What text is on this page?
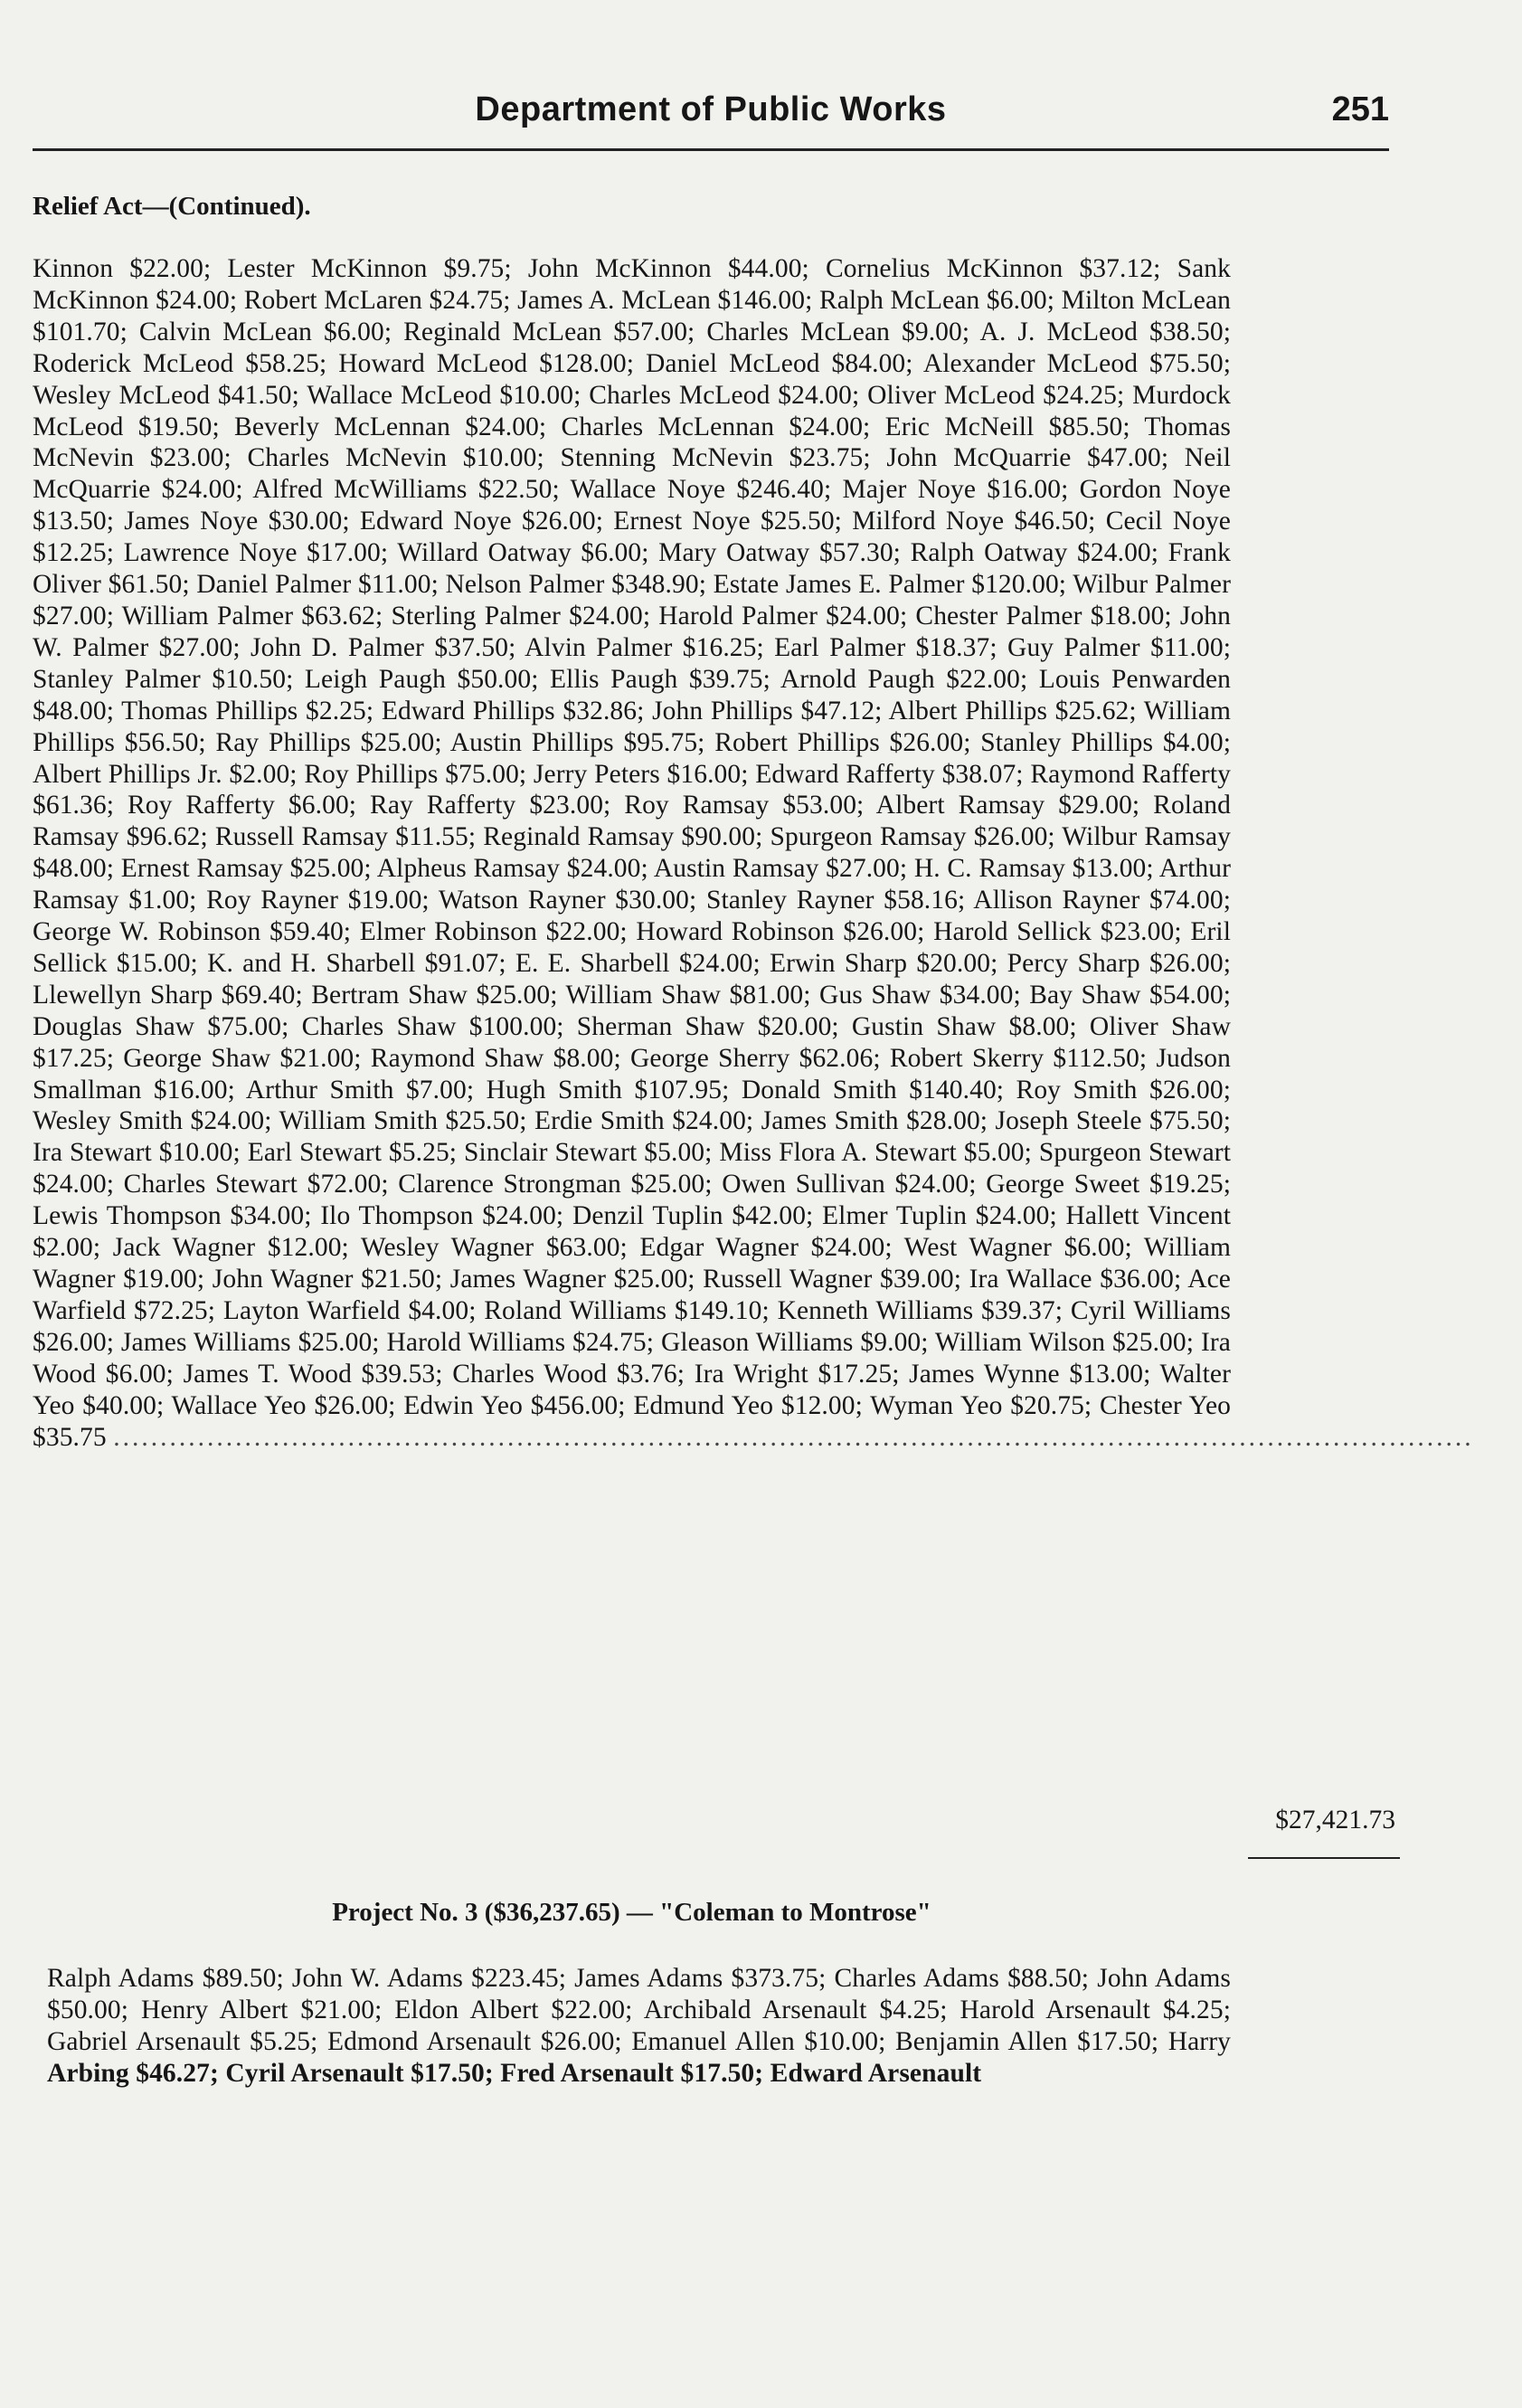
Department of Public Works	251
Relief Act—(Continued).
Kinnon $22.00; Lester McKinnon $9.75; John McKinnon $44.00; Cornelius McKinnon $37.12; Sank McKinnon $24.00; Robert McLaren $24.75; James A. McLean $146.00; Ralph McLean $6.00; Milton McLean $101.70; Calvin McLean $6.00; Reginald McLean $57.00; Charles McLean $9.00; A. J. McLeod $38.50; Roderick McLeod $58.25; Howard McLeod $128.00; Daniel McLeod $84.00; Alexander McLeod $75.50; Wesley McLeod $41.50; Wallace McLeod $10.00; Charles McLeod $24.00; Oliver McLeod $24.25; Murdock McLeod $19.50; Beverly McLennan $24.00; Charles McLennan $24.00; Eric McNeill $85.50; Thomas McNevin $23.00; Charles McNevin $10.00; Stenning McNevin $23.75; John McQuarrie $47.00; Neil McQuarrie $24.00; Alfred McWilliams $22.50; Wallace Noye $246.40; Majer Noye $16.00; Gordon Noye $13.50; James Noye $30.00; Edward Noye $26.00; Ernest Noye $25.50; Milford Noye $46.50; Cecil Noye $12.25; Lawrence Noye $17.00; Willard Oatway $6.00; Mary Oatway $57.30; Ralph Oatway $24.00; Frank Oliver $61.50; Daniel Palmer $11.00; Nelson Palmer $348.90; Estate James E. Palmer $120.00; Wilbur Palmer $27.00; William Palmer $63.62; Sterling Palmer $24.00; Harold Palmer $24.00; Chester Palmer $18.00; John W. Palmer $27.00; John D. Palmer $37.50; Alvin Palmer $16.25; Earl Palmer $18.37; Guy Palmer $11.00; Stanley Palmer $10.50; Leigh Paugh $50.00; Ellis Paugh $39.75; Arnold Paugh $22.00; Louis Penwarden $48.00; Thomas Phillips $2.25; Edward Phillips $32.86; John Phillips $47.12; Albert Phillips $25.62; William Phillips $56.50; Ray Phillips $25.00; Austin Phillips $95.75; Robert Phillips $26.00; Stanley Phillips $4.00; Albert Phillips Jr. $2.00; Roy Phillips $75.00; Jerry Peters $16.00; Edward Rafferty $38.07; Raymond Rafferty $61.36; Roy Rafferty $6.00; Ray Rafferty $23.00; Roy Ramsay $53.00; Albert Ramsay $29.00; Roland Ramsay $96.62; Russell Ramsay $11.55; Reginald Ramsay $90.00; Spurgeon Ramsay $26.00; Wilbur Ramsay $48.00; Ernest Ramsay $25.00; Alpheus Ramsay $24.00; Austin Ramsay $27.00; H. C. Ramsay $13.00; Arthur Ramsay $1.00; Roy Rayner $19.00; Watson Rayner $30.00; Stanley Rayner $58.16; Allison Rayner $74.00; George W. Robinson $59.40; Elmer Robinson $22.00; Howard Robinson $26.00; Harold Sellick $23.00; Eril Sellick $15.00; K. and H. Sharbell $91.07; E. E. Sharbell $24.00; Erwin Sharp $20.00; Percy Sharp $26.00; Llewellyn Sharp $69.40; Bertram Shaw $25.00; William Shaw $81.00; Gus Shaw $34.00; Bay Shaw $54.00; Douglas Shaw $75.00; Charles Shaw $100.00; Sherman Shaw $20.00; Gustin Shaw $8.00; Oliver Shaw $17.25; George Shaw $21.00; Raymond Shaw $8.00; George Sherry $62.06; Robert Skerry $112.50; Judson Smallman $16.00; Arthur Smith $7.00; Hugh Smith $107.95; Donald Smith $140.40; Roy Smith $26.00; Wesley Smith $24.00; William Smith $25.50; Erdie Smith $24.00; James Smith $28.00; Joseph Steele $75.50; Ira Stewart $10.00; Earl Stewart $5.25; Sinclair Stewart $5.00; Miss Flora A. Stewart $5.00; Spurgeon Stewart $24.00; Charles Stewart $72.00; Clarence Strongman $25.00; Owen Sullivan $24.00; George Sweet $19.25; Lewis Thompson $34.00; Ilo Thompson $24.00; Denzil Tuplin $42.00; Elmer Tuplin $24.00; Hallett Vincent $2.00; Jack Wagner $12.00; Wesley Wagner $63.00; Edgar Wagner $24.00; West Wagner $6.00; William Wagner $19.00; John Wagner $21.50; James Wagner $25.00; Russell Wagner $39.00; Ira Wallace $36.00; Ace Warfield $72.25; Layton Warfield $4.00; Roland Williams $149.10; Kenneth Williams $39.37; Cyril Williams $26.00; James Williams $25.00; Harold Williams $24.75; Gleason Williams $9.00; William Wilson $25.00; Ira Wood $6.00; James T. Wood $39.53; Charles Wood $3.76; Ira Wright $17.25; James Wynne $13.00; Walter Yeo $40.00; Wallace Yeo $26.00; Edwin Yeo $456.00; Edmund Yeo $12.00; Wyman Yeo $20.75; Chester Yeo $35.75 .................................................................................................................................................
$27,421.73
Project No. 3 ($36,237.65) — "Coleman to Montrose"
Ralph Adams $89.50; John W. Adams $223.45; James Adams $373.75; Charles Adams $88.50; John Adams $50.00; Henry Albert $21.00; Eldon Albert $22.00; Archibald Arsenault $4.25; Harold Arsenault $4.25; Gabriel Arsenault $5.25; Edmond Arsenault $26.00; Emanuel Allen $10.00; Benjamin Allen $17.50; Harry Arbing $46.27; Cyril Arsenault $17.50; Fred Arsenault $17.50; Edward Arsenault
